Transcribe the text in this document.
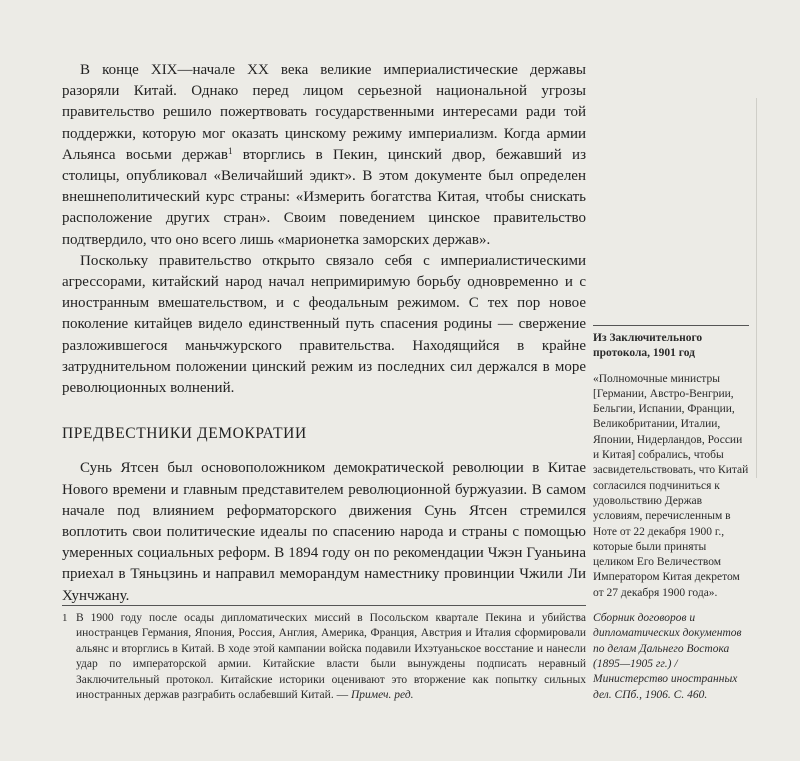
В конце XIX—начале XX века великие империалистические державы разоряли Китай. Однако перед лицом серьезной национальной угрозы правительство решило пожертвовать государственными интересами ради той поддержки, которую мог оказать цинскому режиму империализм. Когда армии Альянса восьми держав$^1$ вторглись в Пекин, цинский двор, бежавший из столицы, опубликовал «Величайший эдикт». В этом документе был определен внешнеполитический курс страны: «Измерить богатства Китая, чтобы снискать расположение других стран». Своим поведением цинское правительство подтвердило, что оно всего лишь «марионетка заморских держав».

Поскольку правительство открыто связало себя с империалистическими агрессорами, китайский народ начал непримиримую борьбу одновременно и с иностранным вмешательством, и с феодальным режимом. С тех пор новое поколение китайцев видело единственный путь спасения родины — свержение разложившегося маньчжурского правительства. Находящийся в крайне затруднительном положении цинский режим из последних сил держался в море революционных волнений.

ПРЕДВЕСТНИКИ ДЕМОКРАТИИ

Сунь Ятсен был основоположником демократической революции в Китае Нового времени и главным представителем революционной буржуазии. В самом начале под влиянием реформаторского движения Сунь Ятсен стремился воплотить свои политические идеалы по спасению народа и страны с помощью умеренных социальных реформ. В 1894 году он по рекомендации Чжэн Гуаньина приехал в Тяньцзинь и направил меморандум наместнику провинции Чжили Ли Хунчжану.

1 В 1900 году после осады дипломатических миссий в Посольском квартале Пекина и убийства иностранцев Германия, Япония, Россия, Англия, Америка, Франция, Австрия и Италия сформировали альянс и вторглись в Китай. В ходе этой кампании войска подавили Ихэтуаньское восстание и нанесли удар по императорской армии. Китайские власти были вынуждены подписать неравный Заключительный протокол. Китайские историки оценивают это вторжение как попытку сильных иностранных держав разграбить ослабевший Китай. — Примеч. ред.
Из Заключительного протокола, 1901 год
«Полномочные министры [Германии, Австро-Венгрии, Бельгии, Испании, Франции, Великобритании, Италии, Японии, Нидерландов, России и Китая] собрались, чтобы засвидетельствовать, что Китай согласился подчиниться к удовольствию Держав условиям, перечисленным в Ноте от 22 декабря 1900 г., которые были приняты целиком Его Величеством Императором Китая декретом от 27 декабря 1900 года».
Сборник договоров и дипломатических документов по делам Дальнего Востока (1895—1905 гг.) / Министерство иностранных дел. СПб., 1906. С. 460.
